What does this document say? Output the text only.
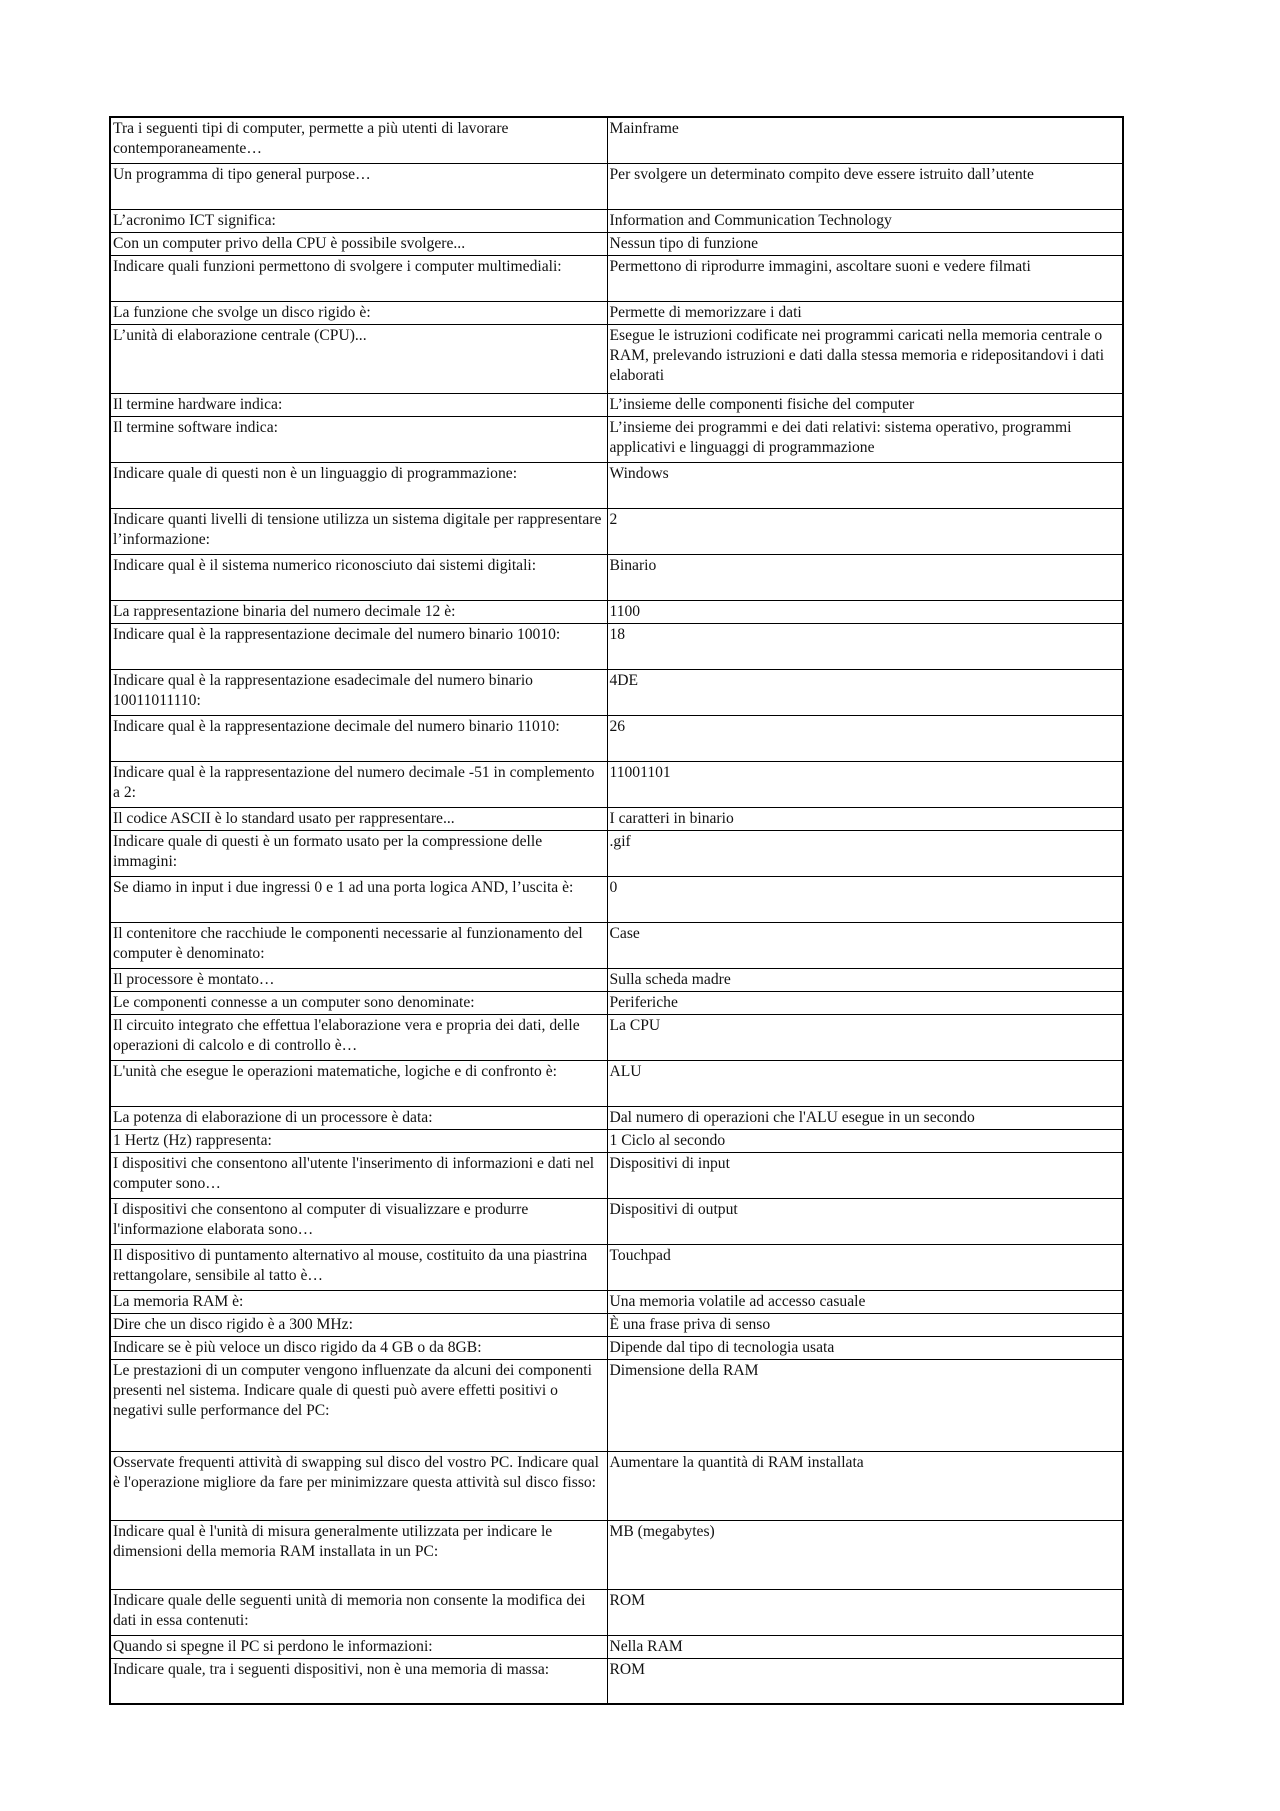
Tra i seguenti tipi di computer, permette a più utenti di lavorare contemporaneamente…	Mainframe
Un programma di tipo general purpose…	Per svolgere un determinato compito deve essere istruito dall’utente
L’acronimo ICT significa:	Information and Communication Technology
Con un computer privo della CPU è possibile svolgere...	Nessun tipo di funzione
Indicare quali funzioni permettono di svolgere i computer multimediali:	Permettono di riprodurre immagini, ascoltare suoni e vedere filmati
La funzione che svolge un disco rigido è:	Permette di memorizzare i dati
L’unità di elaborazione centrale (CPU)...	Esegue le istruzioni codificate nei programmi caricati nella memoria centrale o RAM, prelevando istruzioni e dati dalla stessa memoria e ridepositandovi i dati elaborati
Il termine hardware indica:	L’insieme delle componenti fisiche del computer
Il termine software indica:	L’insieme dei programmi e dei dati relativi: sistema operativo, programmi applicativi e linguaggi di programmazione
Indicare quale di questi non è un linguaggio di programmazione:	Windows
Indicare quanti livelli di tensione utilizza un sistema digitale per rappresentare l’informazione:	2
Indicare qual è il sistema numerico riconosciuto dai sistemi digitali:	Binario
La rappresentazione binaria del numero decimale 12 è:	1100
Indicare qual è la rappresentazione decimale del numero binario 10010:	18
Indicare qual è la rappresentazione esadecimale del numero binario 10011011110:	4DE
Indicare qual è la rappresentazione decimale del numero binario 11010:	26
Indicare qual è la rappresentazione del numero decimale -51 in complemento a 2:	11001101
Il codice ASCII è lo standard usato per rappresentare...	I caratteri in binario
Indicare quale di questi è un formato usato per la compressione delle immagini:	.gif
Se diamo in input i due ingressi 0 e 1 ad una porta logica AND, l’uscita è:	0
Il contenitore che racchiude le componenti necessarie al funzionamento del computer è denominato:	Case
Il processore è montato…	Sulla scheda madre
Le componenti connesse a un computer sono denominate:	Periferiche
Il circuito integrato che effettua l'elaborazione vera e propria dei dati, delle operazioni di calcolo e di controllo è…	La CPU
L'unità che esegue le operazioni matematiche, logiche e di confronto è:	ALU
La potenza di elaborazione di un processore è data:	Dal numero di operazioni che l'ALU esegue in un secondo
1 Hertz (Hz) rappresenta:	1 Ciclo al secondo
I dispositivi che consentono all'utente l'inserimento di informazioni e dati nel computer sono…	Dispositivi di input
I dispositivi che consentono al computer di visualizzare e produrre l'informazione elaborata sono…	Dispositivi di output
Il dispositivo di puntamento alternativo al mouse, costituito da una piastrina rettangolare, sensibile al tatto è…	Touchpad
La memoria RAM è:	Una memoria volatile ad accesso casuale
Dire che un disco rigido è a 300 MHz:	È una frase priva di senso
Indicare se è più veloce un disco rigido da 4 GB o da 8GB:	Dipende dal tipo di tecnologia usata
Le prestazioni di un computer vengono influenzate da alcuni dei componenti presenti nel sistema. Indicare quale di questi può avere effetti positivi o negativi sulle performance del PC:	Dimensione della RAM
Osservate frequenti attività di swapping sul disco del vostro PC. Indicare qual è l'operazione migliore da fare per minimizzare questa attività sul disco fisso:	Aumentare la quantità di RAM installata
Indicare qual è l'unità di misura generalmente utilizzata per indicare le dimensioni della memoria RAM installata in un PC:	MB (megabytes)
Indicare quale delle seguenti unità di memoria non consente la modifica dei dati in essa contenuti:	ROM
Quando si spegne il PC si perdono le informazioni:	Nella RAM
Indicare quale, tra i seguenti dispositivi, non è una memoria di massa:	ROM
